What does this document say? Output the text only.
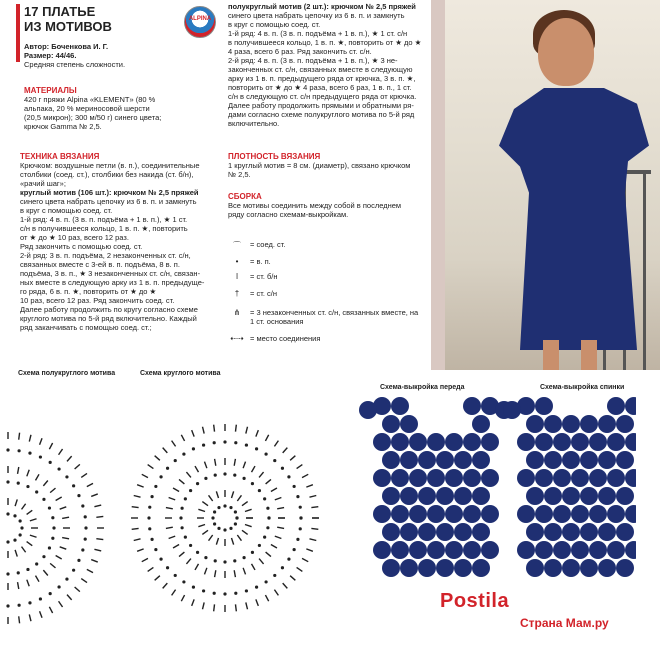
17 ПЛАТЬЕ
ИЗ МОТИВОВ	ALPINA
Автор: Боченкова И. Г.
Размер: 44/46.
Средняя степень сложности.
МАТЕРИАЛЫ
420 г пряжи Alpina «KLEMENT» (80 %
альпака, 20 % мериносовой шерсти
(20,5 микрон); 300 м/50 г) синего цвета;
крючок Gamma № 2,5.
ТЕХНИКА ВЯЗАНИЯ
Крючком: воздушные петли (в. п.), соединительные
столбики (соед. ст.), столбики без накида (ст. б/н),
«рачий шаг»;
круглый мотив (106 шт.): крючком № 2,5 пряжей
синего цвета набрать цепочку из 6 в. п. и замкнуть
в круг с помощью соед. ст.
1-й ряд: 4 в. п. (3 в. п. подъёма + 1 в. п.), ★ 1 ст.
с/н в получившееся кольцо, 1 в. п. ★, повторить
от ★ до ★ 10 раз, всего 12 раз.
Ряд закончить с помощью соед. ст.
2-й ряд: 3 в. п. подъёма, 2 незаконченных ст. с/н,
связанных вместе с 3-ей в. п. подъёма, 8 в. п.
подъёма, 3 в. п., ★ 3 незаконченных ст. с/н, связан-
ных вместе в следующую арку из 1 в. п. предыдуще-
го ряда, 6 в. п. ★, повторить от ★ до ★
10 раз, всего 12 раз. Ряд закончить соед. ст.
Далее работу продолжить по кругу согласно схеме
круглого мотива по 5-й ряд включительно. Каждый
ряд заканчивать с помощью соед. ст.;
полукруглый мотив (2 шт.): крючком № 2,5 пряжей
синего цвета набрать цепочку из 6 в. п. и замкнуть
в круг с помощью соед. ст.
1-й ряд: 4 в. п. (3 в. п. подъёма + 1 в. п.), ★ 1 ст. с/н
в получившееся кольцо, 1 в. п. ★, повторить от ★ до ★
4 раза, всего 6 раз. Ряд закончить ст. с/н.
2-й ряд: 4 в. п. (3 в. п. подъёма + 1 в. п.), ★ 3 не-
законченных ст. с/н, связанных вместе в следующую
арку из 1 в. п. предыдущего ряда от крючка, 3 в. п. ★,
повторить от ★ до ★ 4 раза, всего 6 раз, 1 в. п., 1 ст.
с/н в следующую ст. с/н предыдущего ряда от крючка.
Далее работу продолжить прямыми и обратными ря-
дами согласно схеме полукруглого мотива по 5-й ряд
включительно.
ПЛОТНОСТЬ ВЯЗАНИЯ
1 круглый мотив = 8 см. (диаметр), связано крючком
№ 2,5.
СБОРКА
Все мотивы соединить между собой в последнем
ряду согласно схемам-выкройкам.
⌒	= соед. ст.
•	= в. п.
ǀ	= ст. б/н
†	= ст. с/н
⋔	= 3 незаконченных ст. с/н, связанных вместе, на 1 ст. основания
⇠⇢ = место соединения
Схема полукруглого мотива	Схема круглого мотива
Схема-выкройка переда	Схема-выкройка спинки
Postila
Страна Мам.ру
